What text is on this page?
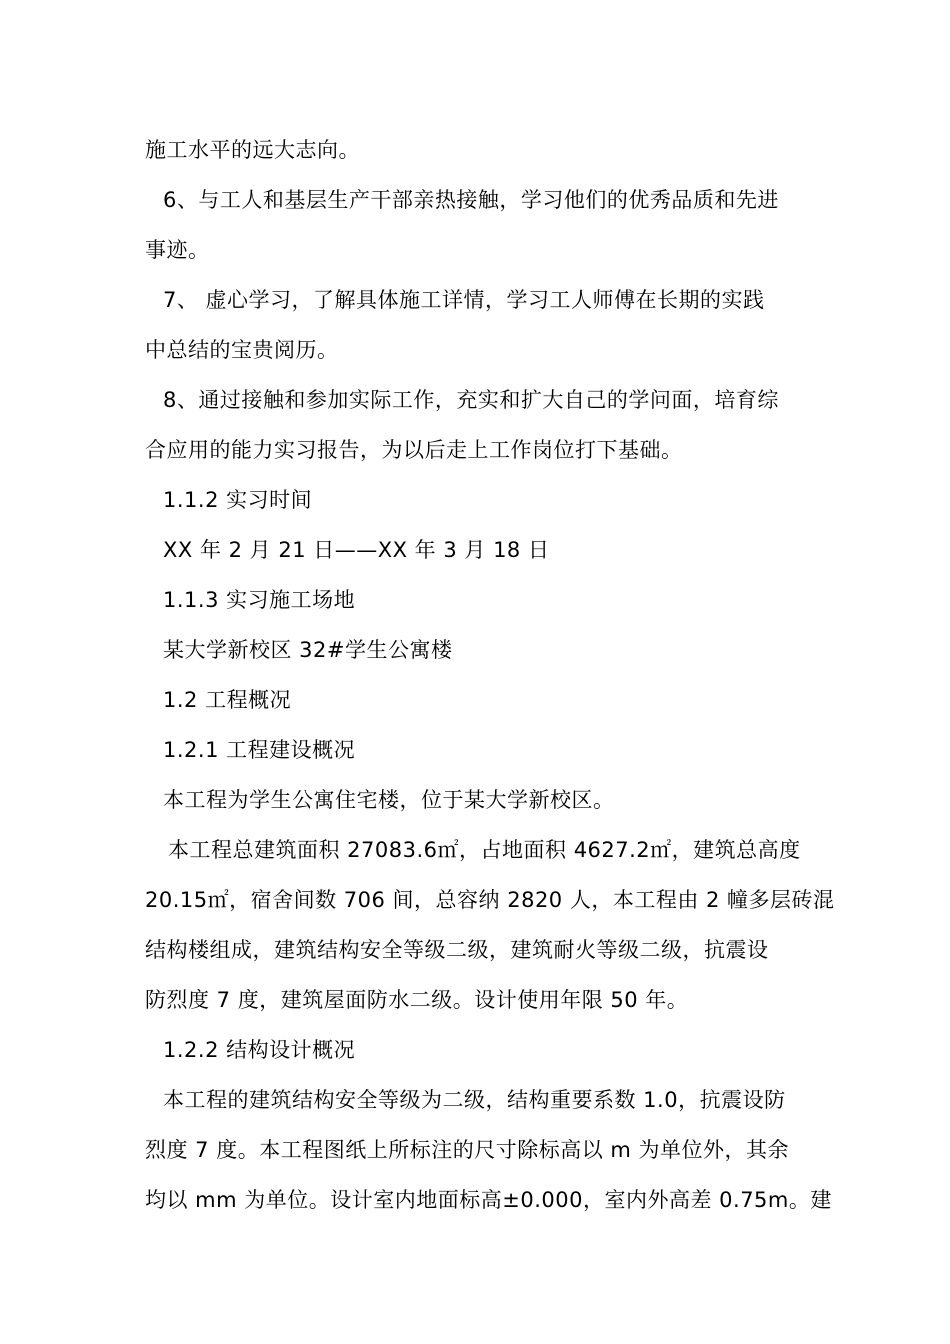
施工水平的远大志向。
6、与工人和基层生产干部亲热接触，学习他们的优秀品质和先进
事迹。
7、 虚心学习，了解具体施工详情，学习工人师傅在长期的实践
中总结的宝贵阅历。
8、通过接触和参加实际工作，充实和扩大自己的学问面，培育综
合应用的能力实习报告，为以后走上工作岗位打下基础。
1.1.2 实习时间
XX 年 2 月 21 日——XX 年 3 月 18 日
1.1.3 实习施工场地
某大学新校区 32#学生公寓楼
1.2 工程概况
1.2.1 工程建设概况
本工程为学生公寓住宅楼，位于某大学新校区。
本工程总建筑面积 27083.6㎡，占地面积 4627.2㎡，建筑总高度
20.15㎡，宿舍间数 706 间，总容纳 2820 人，本工程由 2 幢多层砖混
结构楼组成，建筑结构安全等级二级，建筑耐火等级二级，抗震设
防烈度 7 度，建筑屋面防水二级。设计使用年限 50 年。
1.2.2 结构设计概况
本工程的建筑结构安全等级为二级，结构重要系数 1.0，抗震设防
烈度 7 度。本工程图纸上所标注的尺寸除标高以 m 为单位外，其余
均以 mm 为单位。设计室内地面标高±0.000，室内外高差 0.75m。建
